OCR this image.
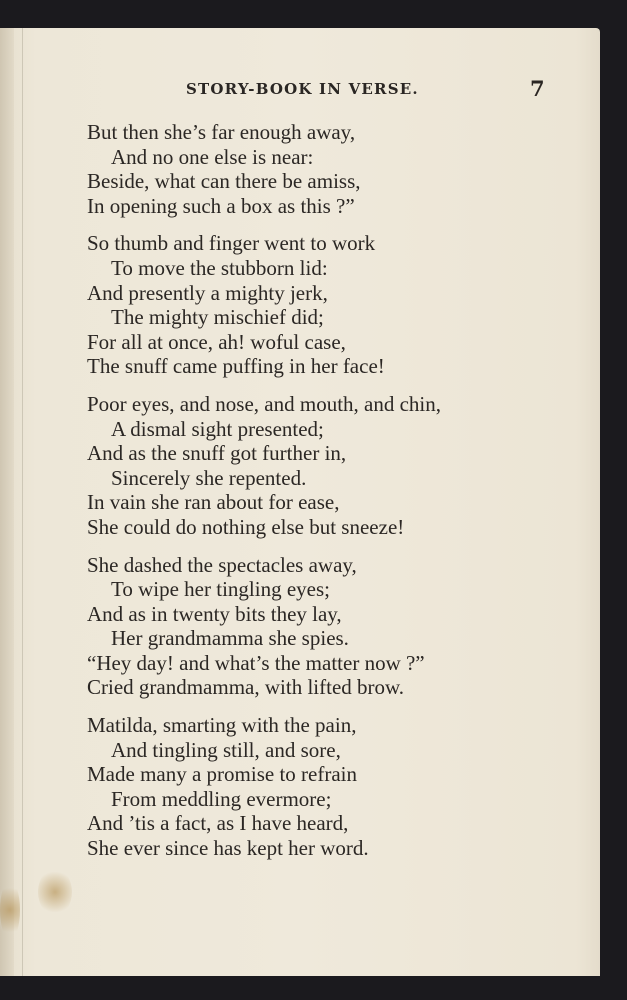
STORY-BOOK IN VERSE.	7
But then she’s far enough away,
And no one else is near:
Beside, what can there be amiss,
In opening such a box as this ?”
So thumb and finger went to work
To move the stubborn lid:
And presently a mighty jerk,
The mighty mischief did;
For all at once, ah! woful case,
The snuff came puffing in her face!
Poor eyes, and nose, and mouth, and chin,
A dismal sight presented;
And as the snuff got further in,
Sincerely she repented.
In vain she ran about for ease,
She could do nothing else but sneeze!
She dashed the spectacles away,
To wipe her tingling eyes;
And as in twenty bits they lay,
Her grandmamma she spies.
“Hey day! and what’s the matter now ?”
Cried grandmamma, with lifted brow.
Matilda, smarting with the pain,
And tingling still, and sore,
Made many a promise to refrain
From meddling evermore;
And ’tis a fact, as I have heard,
She ever since has kept her word.
